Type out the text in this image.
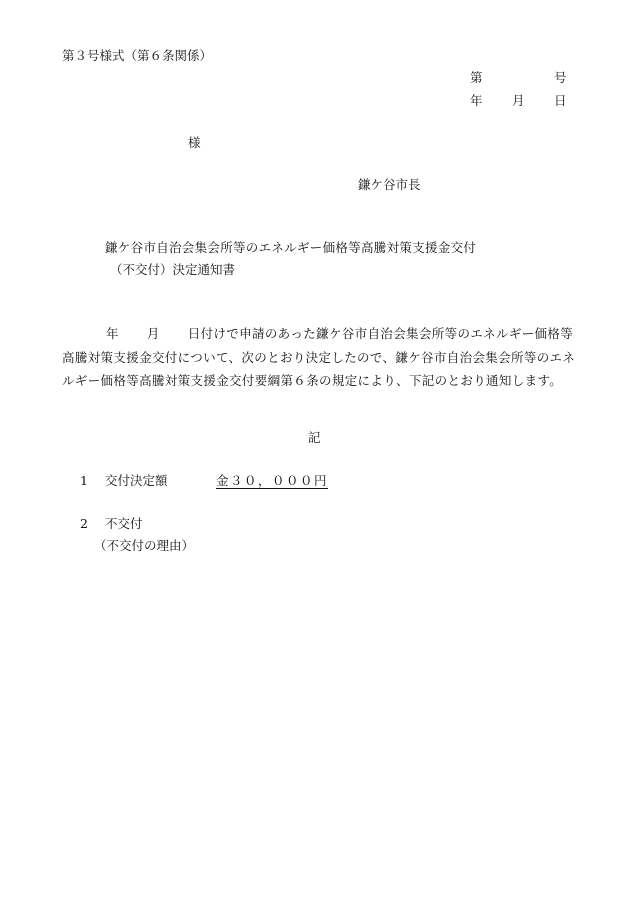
第３号様式（第６条関係）
第	号
年 月 日
様
鎌ケ谷市長
鎌ケ谷市自治会集会所等のエネルギー価格等高騰対策支援金交付
（不交付）決定通知書
年 月 日付けで申請のあった鎌ケ谷市自治会集会所等のエネルギー価格等高騰対策支援金交付について、次のとおり決定したので、鎌ケ谷市自治会集会所等のエネルギー価格等高騰対策支援金交付要綱第６条の規定により、下記のとおり通知します。
記
1 交付決定額	金３０，０００円
2 不交付
（不交付の理由）
